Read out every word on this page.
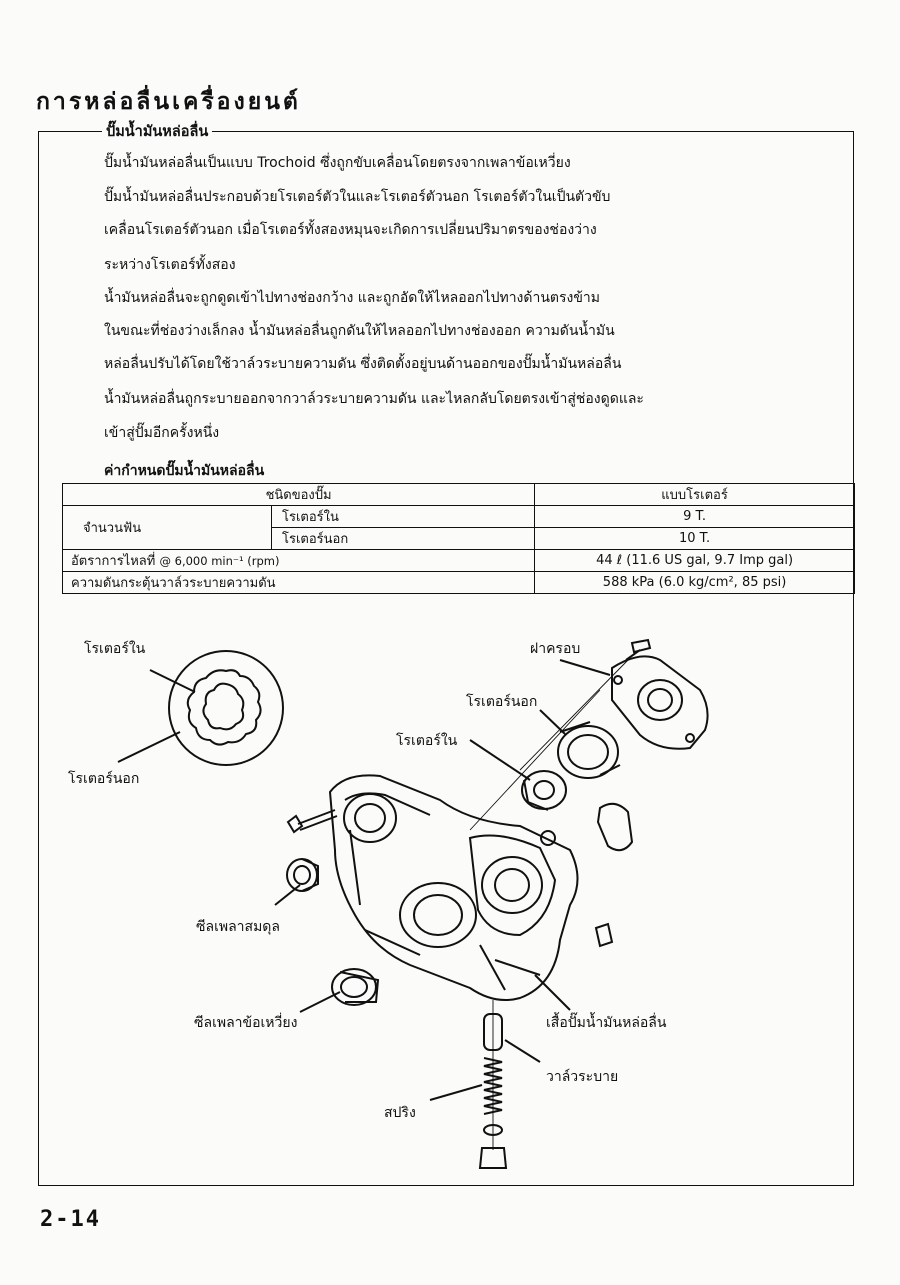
การหล่อลื่นเครื่องยนต์
ปั๊มน้ำมันหล่อลื่น
ปั๊มน้ำมันหล่อลื่นเป็นแบบ Trochoid ซึ่งถูกขับเคลื่อนโดยตรงจากเพลาข้อเหวี่ยง
ปั๊มน้ำมันหล่อลื่นประกอบด้วยโรเตอร์ตัวในและโรเตอร์ตัวนอก โรเตอร์ตัวในเป็นตัวขับ
เคลื่อนโรเตอร์ตัวนอก เมื่อโรเตอร์ทั้งสองหมุนจะเกิดการเปลี่ยนปริมาตรของช่องว่าง
ระหว่างโรเตอร์ทั้งสอง
น้ำมันหล่อลื่นจะถูกดูดเข้าไปทางช่องกว้าง และถูกอัดให้ไหลออกไปทางด้านตรงข้าม
ในขณะที่ช่องว่างเล็กลง น้ำมันหล่อลื่นถูกดันให้ไหลออกไปทางช่องออก ความดันน้ำมัน
หล่อลื่นปรับได้โดยใช้วาล์วระบายความดัน ซึ่งติดตั้งอยู่บนด้านออกของปั๊มน้ำมันหล่อลื่น
น้ำมันหล่อลื่นถูกระบายออกจากวาล์วระบายความดัน และไหลกลับโดยตรงเข้าสู่ช่องดูดและ
เข้าสู่ปั๊มอีกครั้งหนึ่ง
ค่ากำหนดปั๊มน้ำมันหล่อลื่น
ชนิดของปั๊ม		แบบโรเตอร์
จำนวนฟัน	โรเตอร์ใน	9 T.
	โรเตอร์นอก	10 T.
อัตราการไหลที่ @ 6,000 min⁻¹ (rpm)		44 ℓ (11.6 US gal, 9.7 Imp gal)
ความดันกระตุ้นวาล์วระบายความดัน		588 kPa (6.0 kg/cm², 85 psi)
โรเตอร์ใน
โรเตอร์นอก
ฝาครอบ
โรเตอร์นอก
โรเตอร์ใน
ซีลเพลาสมดุล
ซีลเพลาข้อเหวี่ยง	เสื้อปั๊มน้ำมันหล่อลื่น
วาล์วระบาย
สปริง
2-14
